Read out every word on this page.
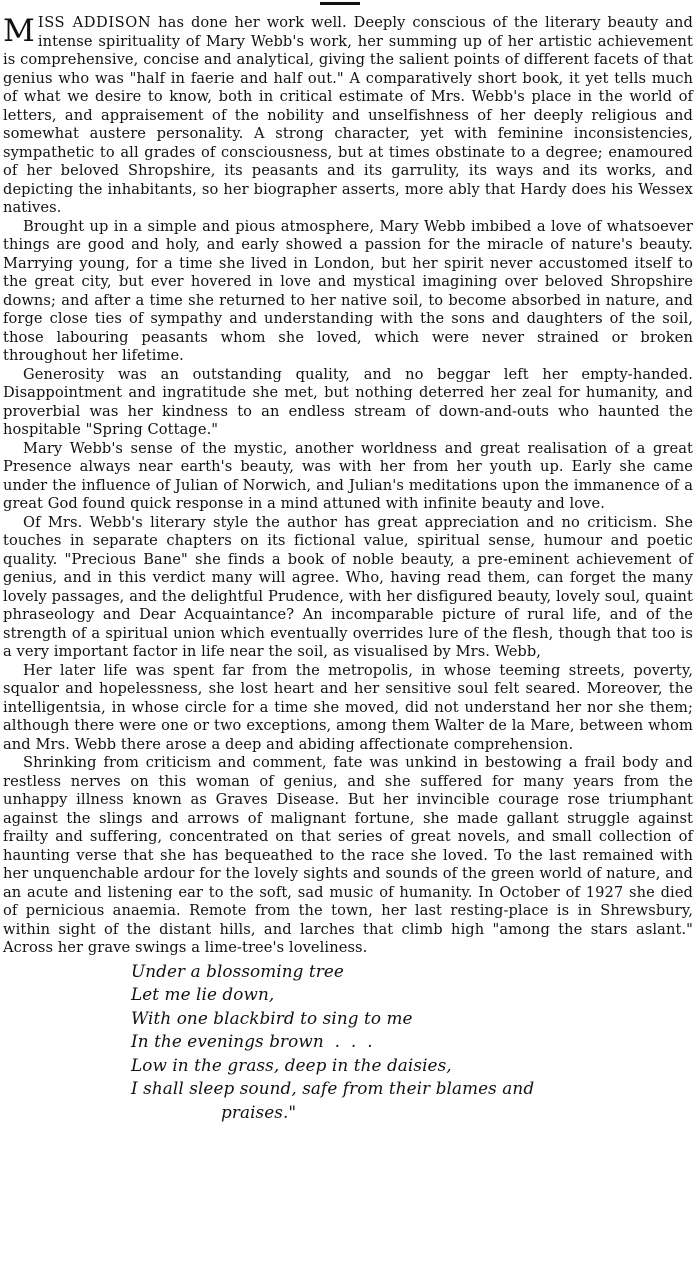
MISS ADDISON has done her work well. Deeply conscious of the literary beauty and intense spirituality of Mary Webb's work, her summing up of her artistic achievement is comprehensive, concise and analytical, giving the salient points of different facets of that genius who was "half in faerie and half out." A comparatively short book, it yet tells much of what we desire to know, both in critical estimate of Mrs. Webb's place in the world of letters, and appraisement of the nobility and unselfishness of her deeply religious and somewhat austere personality. A strong character, yet with feminine inconsistencies, sympathetic to all grades of consciousness, but at times obstinate to a degree; enamoured of her beloved Shropshire, its peasants and its garrulity, its ways and its works, and depicting the inhabitants, so her biographer asserts, more ably that Hardy does his Wessex natives.

Brought up in a simple and pious atmosphere, Mary Webb imbibed a love of whatsoever things are good and holy, and early showed a passion for the miracle of nature's beauty. Marrying young, for a time she lived in London, but her spirit never accustomed itself to the great city, but ever hovered in love and mystical imagining over beloved Shropshire downs; and after a time she returned to her native soil, to become absorbed in nature, and forge close ties of sympathy and understanding with the sons and daughters of the soil, those labouring peasants whom she loved, which were never strained or broken throughout her lifetime.

Generosity was an outstanding quality, and no beggar left her empty-handed. Disappointment and ingratitude she met, but nothing deterred her zeal for humanity, and proverbial was her kindness to an endless stream of down-and-outs who haunted the hospitable "Spring Cottage."

Mary Webb's sense of the mystic, another worldness and great realisation of a great Presence always near earth's beauty, was with her from her youth up. Early she came under the influence of Julian of Norwich, and Julian's meditations upon the immanence of a great God found quick response in a mind attuned with infinite beauty and love.

Of Mrs. Webb's literary style the author has great appreciation and no criticism. She touches in separate chapters on its fictional value, spiritual sense, humour and poetic quality. "Precious Bane" she finds a book of noble beauty, a pre-eminent achievement of genius, and in this verdict many will agree. Who, having read them, can forget the many lovely passages, and the delightful Prudence, with her disfigured beauty, lovely soul, quaint phraseology and Dear Acquaintance? An incomparable picture of rural life, and of the strength of a spiritual union which eventually overrides lure of the flesh, though that too is a very important factor in life near the soil, as visualised by Mrs. Webb,

Her later life was spent far from the metropolis, in whose teeming streets, poverty, squalor and hopelessness, she lost heart and her sensitive soul felt seared. Moreover, the intelligentsia, in whose circle for a time she moved, did not understand her nor she them; although there were one or two exceptions, among them Walter de la Mare, between whom and Mrs. Webb there arose a deep and abiding affectionate comprehension.

Shrinking from criticism and comment, fate was unkind in bestowing a frail body and restless nerves on this woman of genius, and she suffered for many years from the unhappy illness known as Graves Disease. But her invincible courage rose triumphant against the slings and arrows of malignant fortune, she made gallant struggle against frailty and suffering, concentrated on that series of great novels, and small collection of haunting verse that she has bequeathed to the race she loved. To the last remained with her unquenchable ardour for the lovely sights and sounds of the green world of nature, and an acute and listening ear to the soft, sad music of humanity. In October of 1927 she died of pernicious anaemia. Remote from the town, her last resting-place is in Shrewsbury, within sight of the distant hills, and larches that climb high "among the stars aslant." Across her grave swings a lime-tree's loveliness.

Under a blossoming tree
Let me lie down,
With one blackbird to sing to me
In the evenings brown  .  .  .
Low in the grass, deep in the daisies,
I shall sleep sound, safe from their blames and
praises."
